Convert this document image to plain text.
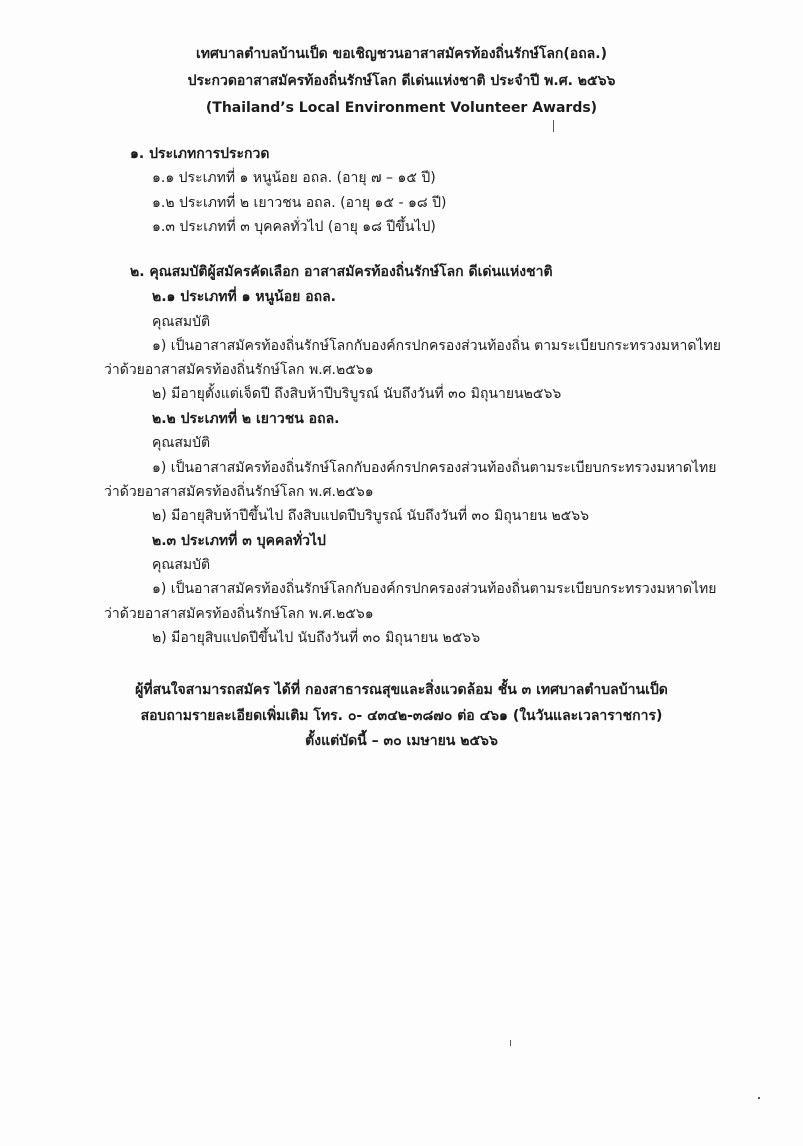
เทศบาลตำบลบ้านเป็ด ขอเชิญชวนอาสาสมัครท้องถิ่นรักษ์โลก(อถล.)
ประกวดอาสาสมัครท้องถิ่นรักษ์โลก ดีเด่นแห่งชาติ ประจำปี พ.ศ. ๒๕๖๖
(Thailand’s Local Environment Volunteer Awards)
๑. ประเภทการประกวด
๑.๑ ประเภทที่ ๑ หนูน้อย อถล. (อายุ ๗ – ๑๕ ปี)
๑.๒ ประเภทที่ ๒ เยาวชน อถล. (อายุ ๑๕ - ๑๘ ปี)
๑.๓ ประเภทที่ ๓ บุคคลทั่วไป (อายุ ๑๘ ปีขึ้นไป)
๒. คุณสมบัติผู้สมัครคัดเลือก อาสาสมัครท้องถิ่นรักษ์โลก ดีเด่นแห่งชาติ
๒.๑ ประเภทที่ ๑ หนูน้อย อถล.
คุณสมบัติ
๑) เป็นอาสาสมัครท้องถิ่นรักษ์โลกกับองค์กรปกครองส่วนท้องถิ่น ตามระเบียบกระทรวงมหาดไทย
ว่าด้วยอาสาสมัครท้องถิ่นรักษ์โลก พ.ศ.๒๕๖๑
๒) มีอายุตั้งแต่เจ็ดปี ถึงสิบห้าปีบริบูรณ์ นับถึงวันที่ ๓๐ มิถุนายน๒๕๖๖
๒.๒ ประเภทที่ ๒ เยาวชน อถล.
คุณสมบัติ
๑) เป็นอาสาสมัครท้องถิ่นรักษ์โลกกับองค์กรปกครองส่วนท้องถิ่นตามระเบียบกระทรวงมหาดไทย
ว่าด้วยอาสาสมัครท้องถิ่นรักษ์โลก พ.ศ.๒๕๖๑
๒) มีอายุสิบห้าปีขึ้นไป ถึงสิบแปดปีบริบูรณ์ นับถึงวันที่ ๓๐ มิถุนายน ๒๕๖๖
๒.๓ ประเภทที่ ๓ บุคคลทั่วไป
คุณสมบัติ
๑) เป็นอาสาสมัครท้องถิ่นรักษ์โลกกับองค์กรปกครองส่วนท้องถิ่นตามระเบียบกระทรวงมหาดไทย
ว่าด้วยอาสาสมัครท้องถิ่นรักษ์โลก พ.ศ.๒๕๖๑
๒) มีอายุสิบแปดปีขึ้นไป นับถึงวันที่ ๓๐ มิถุนายน ๒๕๖๖
ผู้ที่สนใจสามารถสมัคร ได้ที่ กองสาธารณสุขและสิ่งแวดล้อม ชั้น ๓ เทศบาลตำบลบ้านเป็ด
สอบถามรายละเอียดเพิ่มเติม โทร. ๐- ๔๓๔๒-๓๘๗๐ ต่อ ๔๖๑ (ในวันและเวลาราชการ)
ตั้งแต่บัดนี้ – ๓๐ เมษายน ๒๕๖๖
